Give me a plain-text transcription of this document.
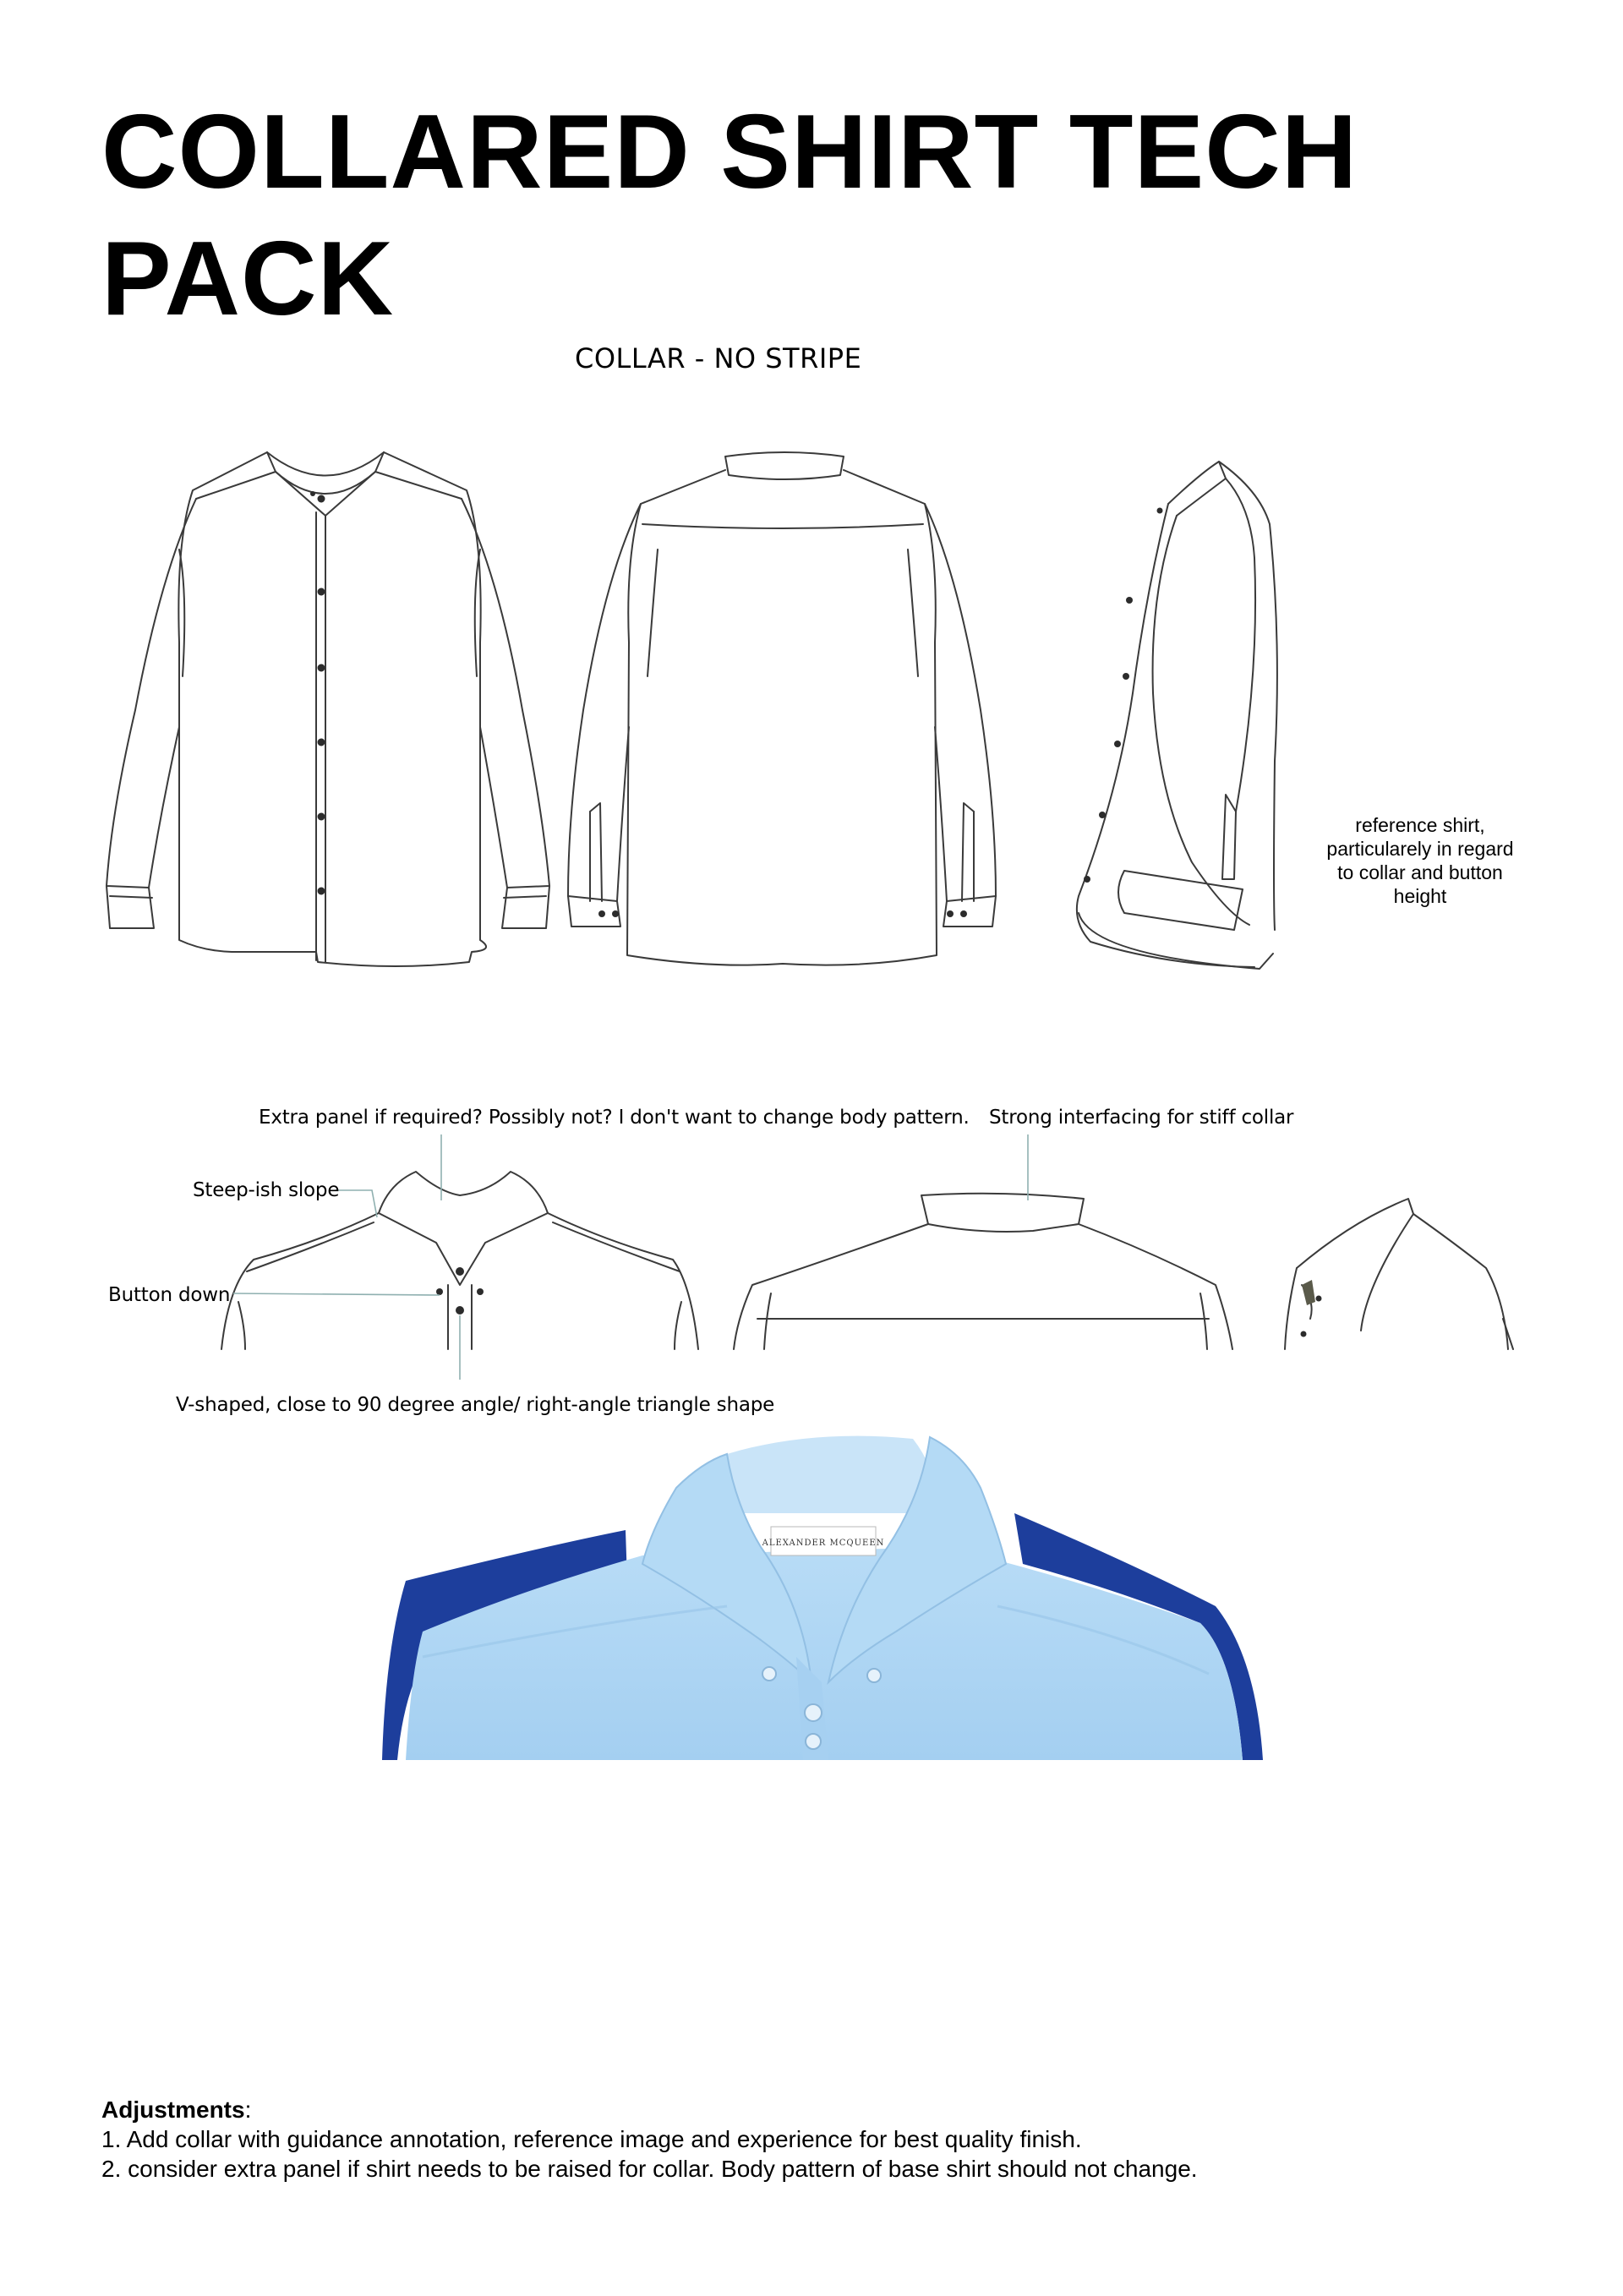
COLLARED SHIRT TECH PACK
COLLAR - NO STRIPE
reference shirt, particularely in regard to collar and button height
Extra panel if required? Possibly not? I don't want to change body pattern. Strong interfacing for stiff collar
Steep-ish slope
Button down
V-shaped, close to 90 degree angle/ right-angle triangle shape
ALEXANDER MCQUEEN
Adjustments:
1. Add collar with guidance annotation, reference image and experience for best quality finish.
2. consider extra panel if shirt needs to be raised for collar. Body pattern of base shirt should not change.
